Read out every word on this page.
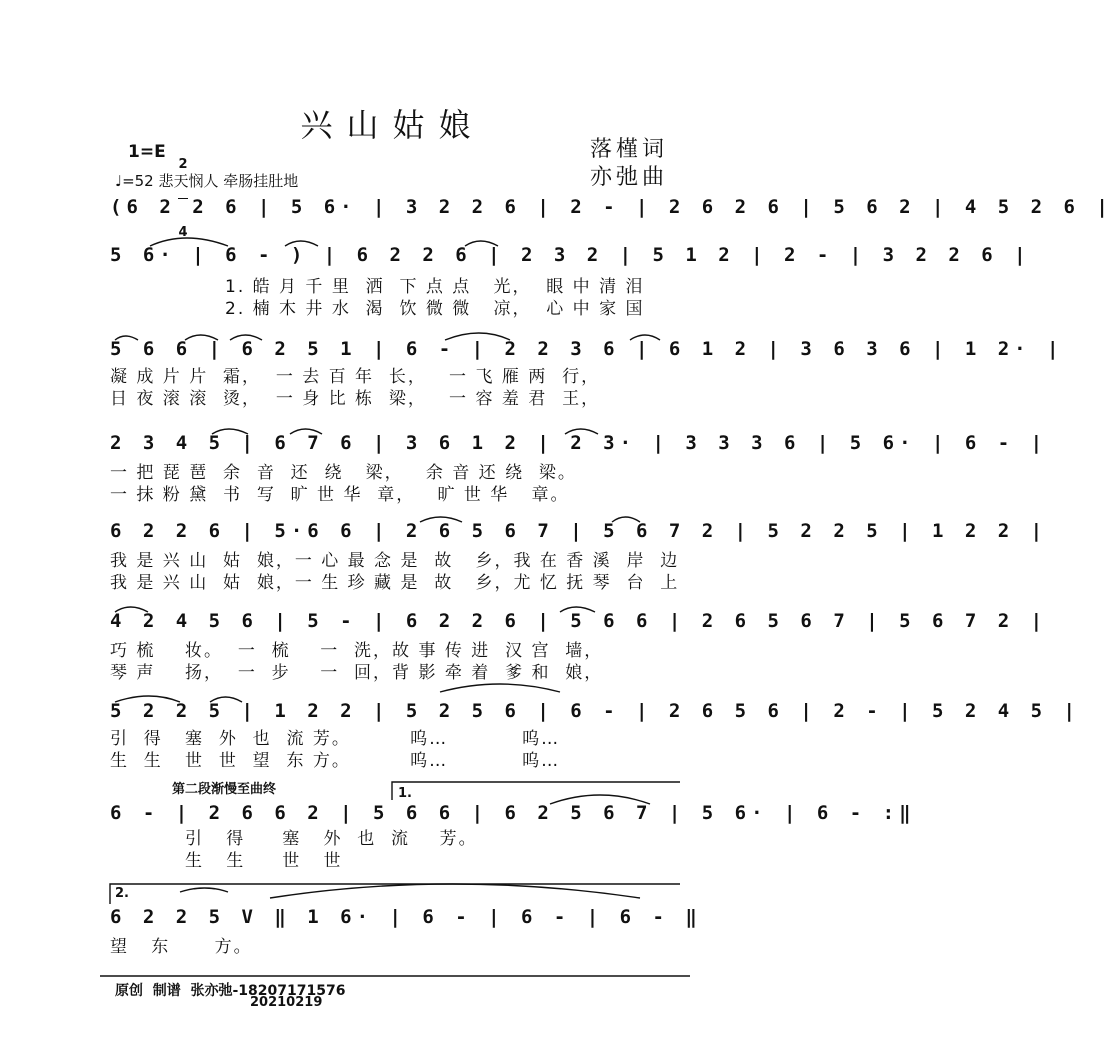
兴山姑娘
落槿词
亦弛曲
1=E

2

4

♩=52 悲天悯人 牵肠挂肚地
(6 2 2 6 | 5 6· | 3 2 2 6 | 2 - | 2 6 2 6 | 5 6 2 | 4 5 2 6 |
5 6· | 6 - ) | 6 2 2 6 | 2 3 2 | 5 1 2 | 2 - | 3 2 2 6 |
1. 皓 月 千 里  洒  下 点 点   光，  眼 中 清 泪
2. 楠 木 井 水  渴  饮 微 微   凉，  心 中 家 国
5 6 6 | 6 2 5 1 | 6 - | 2 2 3 6 | 6 1 2 | 3 6 3 6 | 1 2· |
凝 成 片 片  霜，  一 去 百 年  长，   一 飞 雁 两  行，
日 夜 滚 滚  烫，  一 身 比 栋  梁，   一 容 羞 君  王，
2 3 4 5 | 6 7 6 | 3 6 1 2 | 2 3· | 3 3 3 6 | 5 6· | 6 - |
一 把 琵 琶  余  音  还  绕   梁，   余 音 还 绕  梁。
一 抹 粉 黛  书  写  旷 世 华  章，   旷 世 华   章。
6 2 2 6 | 5·6 6 | 2 6 5 6 7 | 5 6 7 2 | 5 2 2 5 | 1 2 2 |
我 是 兴 山  姑  娘，一 心 最 念 是  故   乡，我 在 香 溪  岸  边
我 是 兴 山  姑  娘，一 生 珍 藏 是  故   乡，尤 忆 抚 琴  台  上
4 2 4 5 6 | 5 - | 6 2 2 6 | 5 6 6 | 2 6 5 6 7 | 5 6 7 2 |
巧 梳    妆。  一  梳    一  洗，故 事 传 进  汉 宫  墙，
琴 声    扬，  一  步    一  回，背 影 牵 着  爹 和  娘，
5 2 2 5 | 1 2 2 | 5 2 5 6 | 6 - | 2 6 5 6 | 2 - | 5 2 4 5 |
引  得   塞  外  也  流 芳。        呜…          呜…
生  生   世  世  望  东 方。        呜…          呜…
第二段渐慢至曲终	1.
6 - | 2 6 6 2 | 5 6 6 | 6 2 5 6 7 | 5 6· | 6 - :‖
引   得     塞   外  也  流    芳。
生   生     世   世
2.
6 2 2 5 V ‖ 1 6· | 6 - | 6 - | 6 - ‖
望   东      方。
原创  制谱  张亦弛-18207171576
20210219
